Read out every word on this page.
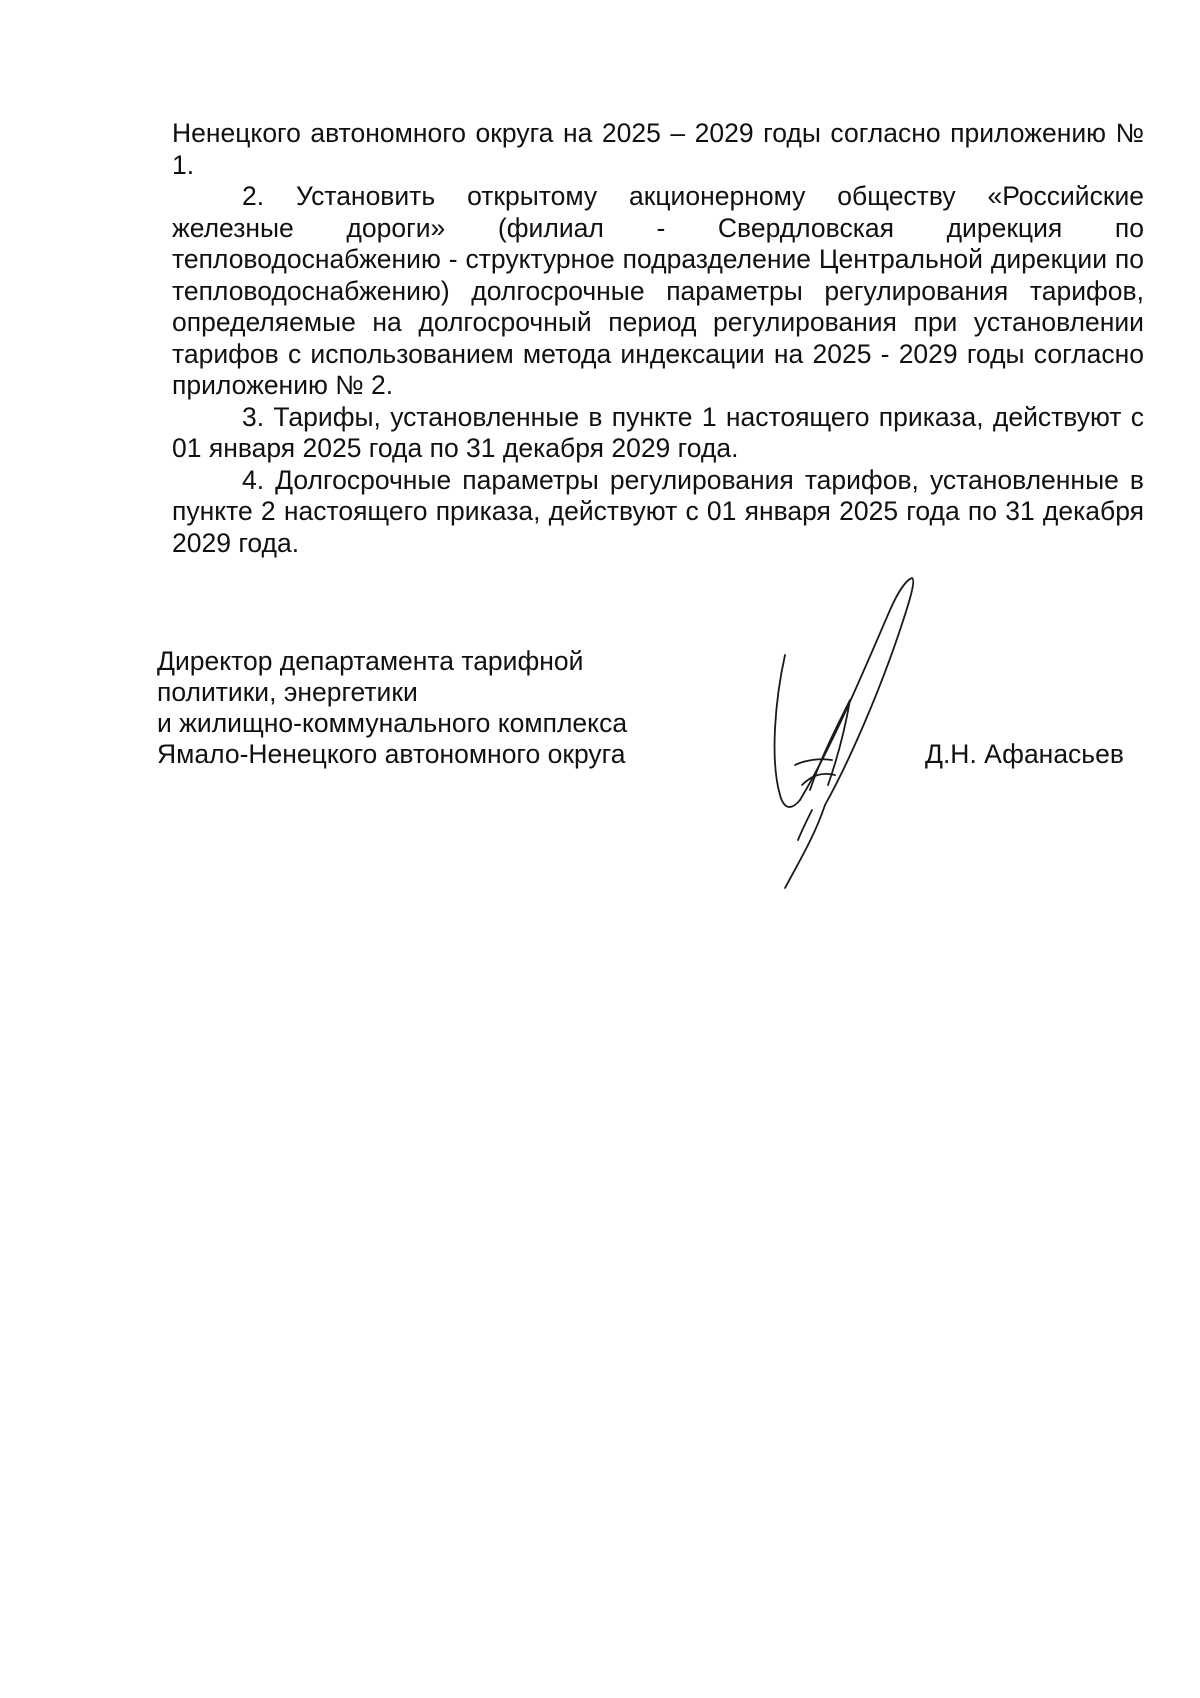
Ненецкого автономного округа на 2025 – 2029 годы согласно приложению № 1.

2. Установить открытому акционерному обществу «Российские железные дороги» (филиал - Свердловская дирекция по тепловодоснабжению - структурное подразделение Центральной дирекции по тепловодоснабжению) долгосрочные параметры регулирования тарифов, определяемые на долгосрочный период регулирования при установлении тарифов с использованием метода индексации на 2025 - 2029 годы согласно приложению № 2.

3. Тарифы, установленные в пункте 1 настоящего приказа, действуют с 01 января 2025 года по 31 декабря 2029 года.

4. Долгосрочные параметры регулирования тарифов, установленные в пункте 2 настоящего приказа, действуют с 01 января 2025 года по 31 декабря 2029 года.

Директор департамента тарифной
политики, энергетики
и жилищно-коммунального комплекса
Ямало-Ненецкого автономного округа	Д.Н. Афанасьев
